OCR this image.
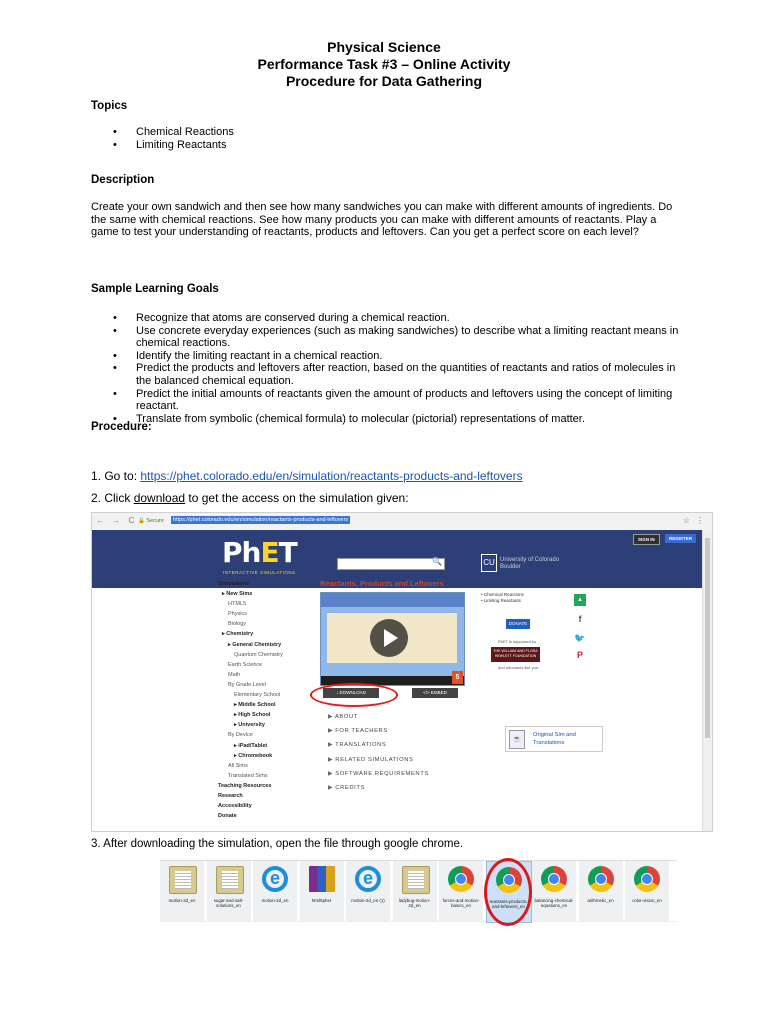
Physical Science
Performance Task #3 – Online Activity
Procedure for Data Gathering
Topics
• Chemical Reactions
• Limiting Reactants
Description
Create your own sandwich and then see how many sandwiches you can make with different amounts of ingredients. Do the same with chemical reactions. See how many products you can make with different amounts of reactants. Play a game to test your understanding of reactants, products and leftovers. Can you get a perfect score on each level?
Sample Learning Goals
• Recognize that atoms are conserved during a chemical reaction.
• Use concrete everyday experiences (such as making sandwiches) to describe what a limiting reactant means in chemical reactions.
• Identify the limiting reactant in a chemical reaction.
• Predict the products and leftovers after reaction, based on the quantities of reactants and ratios of molecules in the balanced chemical equation.
• Predict the initial amounts of reactants given the amount of products and leftovers using the concept of limiting reactant.
• Translate from symbolic (chemical formula) to molecular (pictorial) representations of matter.
Procedure:
1. Go to: https://phet.colorado.edu/en/simulation/reactants-products-and-leftovers
2. Click download to get the access on the simulation given:
← → C 🔒 Secure	https://phet.colorado.edu/en/simulation/reactants-products-and-leftovers	☆ ⋮
PhET
INTERACTIVE SIMULATIONS
🔍	CU University of Colorado
Boulder
SIGN IN	REGISTER
Simulations
▸ New Sims
HTML5
Physics
Biology
▸ Chemistry
▸ General Chemistry
Quantum Chemistry
Earth Science
Math
By Grade Level
Elementary School
▸ Middle School
▸ High School
▸ University
By Device
▸ iPad/Tablet
▸ Chromebook
All Sims
Translated Sims
Teaching Resources
Research
Accessibility
Donate
Reactants, Products and Leftovers
5
↓ DOWNLOAD	</> EMBED
▶ ABOUT
▶ FOR TEACHERS
▶ TRANSLATIONS
▶ RELATED SIMULATIONS
▶ SOFTWARE REQUIREMENTS
▶ CREDITS
• Chemical Reactions
• Limiting Reactants
DONATE
PhET is supported by
THE WILLIAM AND FLORA HEWLETT FOUNDATION
and educators like you.
▲
f
🐦
P
☕
Original Sim and
Translations
3. After downloading the simulation, open the file through google chrome.
motion-2d_en	sugar-and-salt-solutions_en
e
motion-2d_en	html5phet
e
motion-2d_en (1)	ladybug-motion-2d_en
forces-and-motion-basics_en
reactants-products-and-leftovers_en
balancing-chemical-equations_en
arithmetic_en	color-vision_en
